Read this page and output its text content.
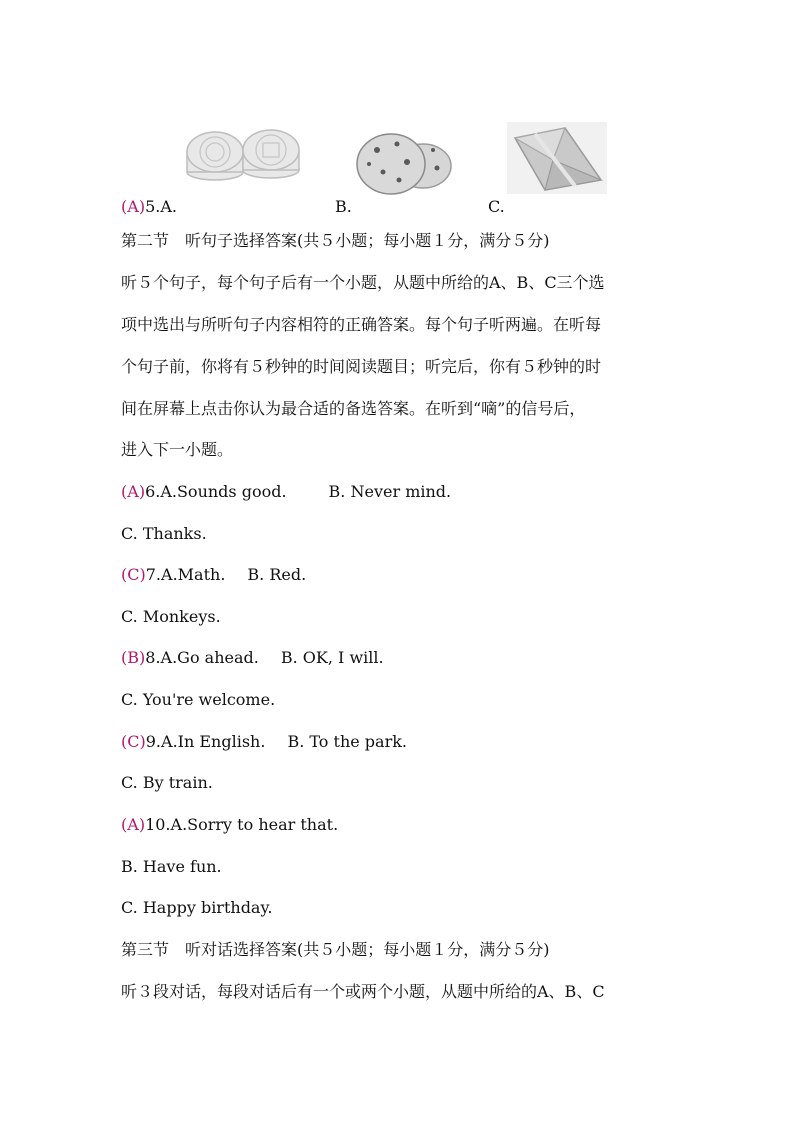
(A)5.A.	B.	C.
第二节　听句子选择答案(共５小题；每小题１分，满分５分)
听５个句子，每个句子后有一个小题，从题中所给的A、B、C三个选
项中选出与所听句子内容相符的正确答案。每个句子听两遍。在听每
个句子前，你将有５秒钟的时间阅读题目；听完后，你有５秒钟的时
间在屏幕上点击你认为最合适的备选答案。在听到“嘀”的信号后，
进入下一小题。
(A)6.A.Sounds good.	B. Never mind.
C. Thanks.
(C)7.A.Math. B. Red.
C. Monkeys.
(B)8.A.Go ahead. B. OK, I will.
C. You're welcome.
(C)9.A.In English. B. To the park.
C. By train.
(A)10.A.Sorry to hear that.
B. Have fun.
C. Happy birthday.
第三节　听对话选择答案(共５小题；每小题１分，满分５分)
听３段对话，每段对话后有一个或两个小题，从题中所给的A、B、C
